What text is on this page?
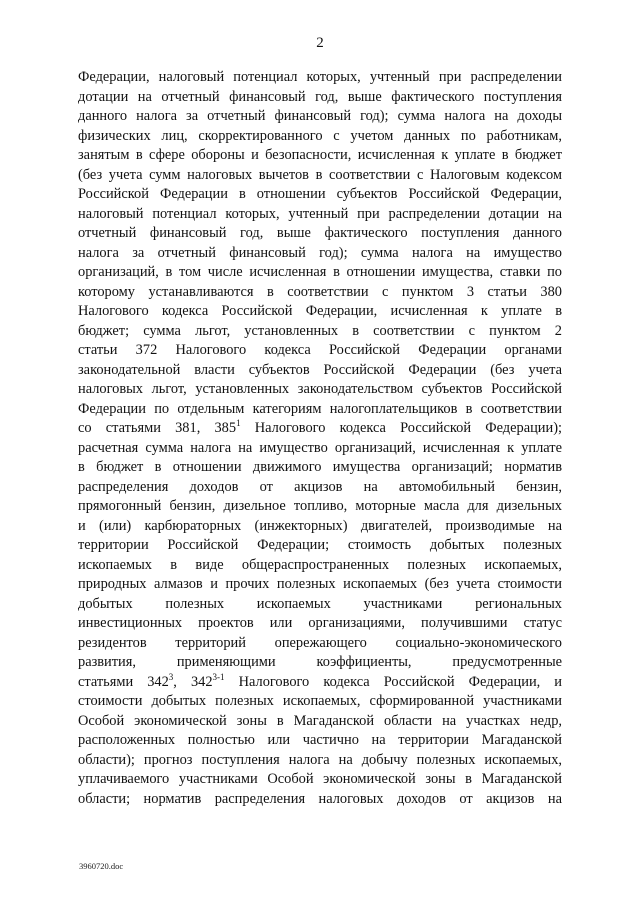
2
Федерации, налоговый потенциал которых, учтенный при распределении
дотации на отчетный финансовый год, выше фактического поступления
данного налога за отчетный финансовый год); сумма налога на доходы
физических лиц, скорректированного с учетом данных по работникам,
занятым в сфере обороны и безопасности, исчисленная к уплате в бюджет
(без учета сумм налоговых вычетов в соответствии с Налоговым кодексом
Российской Федерации в отношении субъектов Российской Федерации,
налоговый потенциал которых, учтенный при распределении дотации на
отчетный финансовый год, выше фактического поступления данного
налога за отчетный финансовый год); сумма налога на имущество
организаций, в том числе исчисленная в отношении имущества, ставки по
которому устанавливаются в соответствии с пунктом 3 статьи 380
Налогового кодекса Российской Федерации, исчисленная к уплате в
бюджет; сумма льгот, установленных в соответствии с пунктом 2
статьи 372 Налогового кодекса Российской Федерации органами
законодательной власти субъектов Российской Федерации (без учета
налоговых льгот, установленных законодательством субъектов Российской
Федерации по отдельным категориям налогоплательщиков в соответствии
со статьями 381, $385^1$ Налогового кодекса Российской Федерации);
расчетная сумма налога на имущество организаций, исчисленная к уплате
в бюджет в отношении движимого имущества организаций; норматив
распределения доходов от акцизов на автомобильный бензин,
прямогонный бензин, дизельное топливо, моторные масла для дизельных
и (или) карбюраторных (инжекторных) двигателей, производимые на
территории Российской Федерации; стоимость добытых полезных
ископаемых в виде общераспространенных полезных ископаемых,
природных алмазов и прочих полезных ископаемых (без учета стоимости
добытых полезных ископаемых участниками региональных
инвестиционных проектов или организациями, получившими статус
резидентов территорий опережающего социально-экономического
развития, применяющими коэффициенты, предусмотренные
статьями $342^3$, 342$^{3-1}$ Налогового кодекса Российской Федерации, и
стоимости добытых полезных ископаемых, сформированной участниками
Особой экономической зоны в Магаданской области на участках недр,
расположенных полностью или частично на территории Магаданской
области); прогноз поступления налога на добычу полезных ископаемых,
уплачиваемого участниками Особой экономической зоны в Магаданской
области; норматив распределения налоговых доходов от акцизов на
3960720.doc
